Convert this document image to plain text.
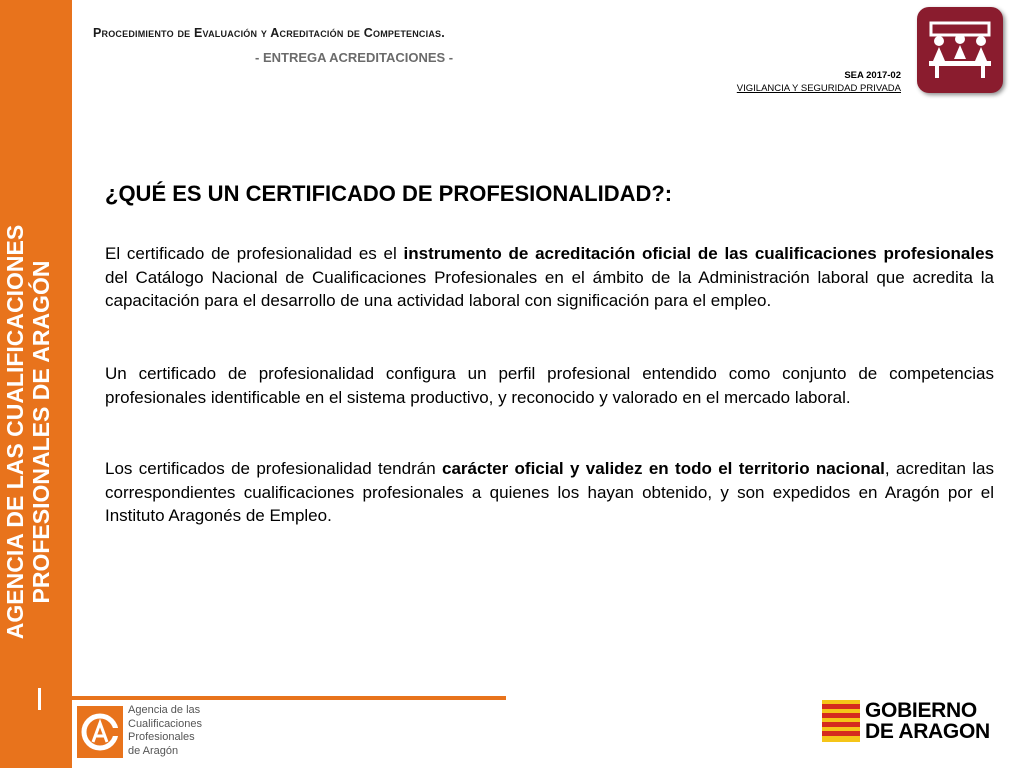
AGENCIA DE LAS CUALIFICACIONES PROFESIONALES DE ARAGÓN
Procedimiento de Evaluación y Acreditación de Competencias.
- ENTREGA ACREDITACIONES -
SEA 2017-02
VIGILANCIA Y SEGURIDAD PRIVADA
¿QUÉ ES UN CERTIFICADO DE PROFESIONALIDAD?:

El certificado de profesionalidad es el instrumento de acreditación oficial de las cualificaciones profesionales del Catálogo Nacional de Cualificaciones Profesionales en el ámbito de la Administración laboral que acredita la capacitación para el desarrollo de una actividad laboral con significación para el empleo.

Un certificado de profesionalidad configura un perfil profesional entendido como conjunto de competencias profesionales identificable en el sistema productivo, y reconocido y valorado en el mercado laboral.

Los certificados de profesionalidad tendrán carácter oficial y validez en todo el territorio nacional, acreditan las correspondientes cualificaciones profesionales a quienes los hayan obtenido, y son expedidos en Aragón por el Instituto Aragonés de Empleo.

Agencia de las
Cualificaciones
Profesionales
de Aragón
GOBIERNO
DE ARAGON
